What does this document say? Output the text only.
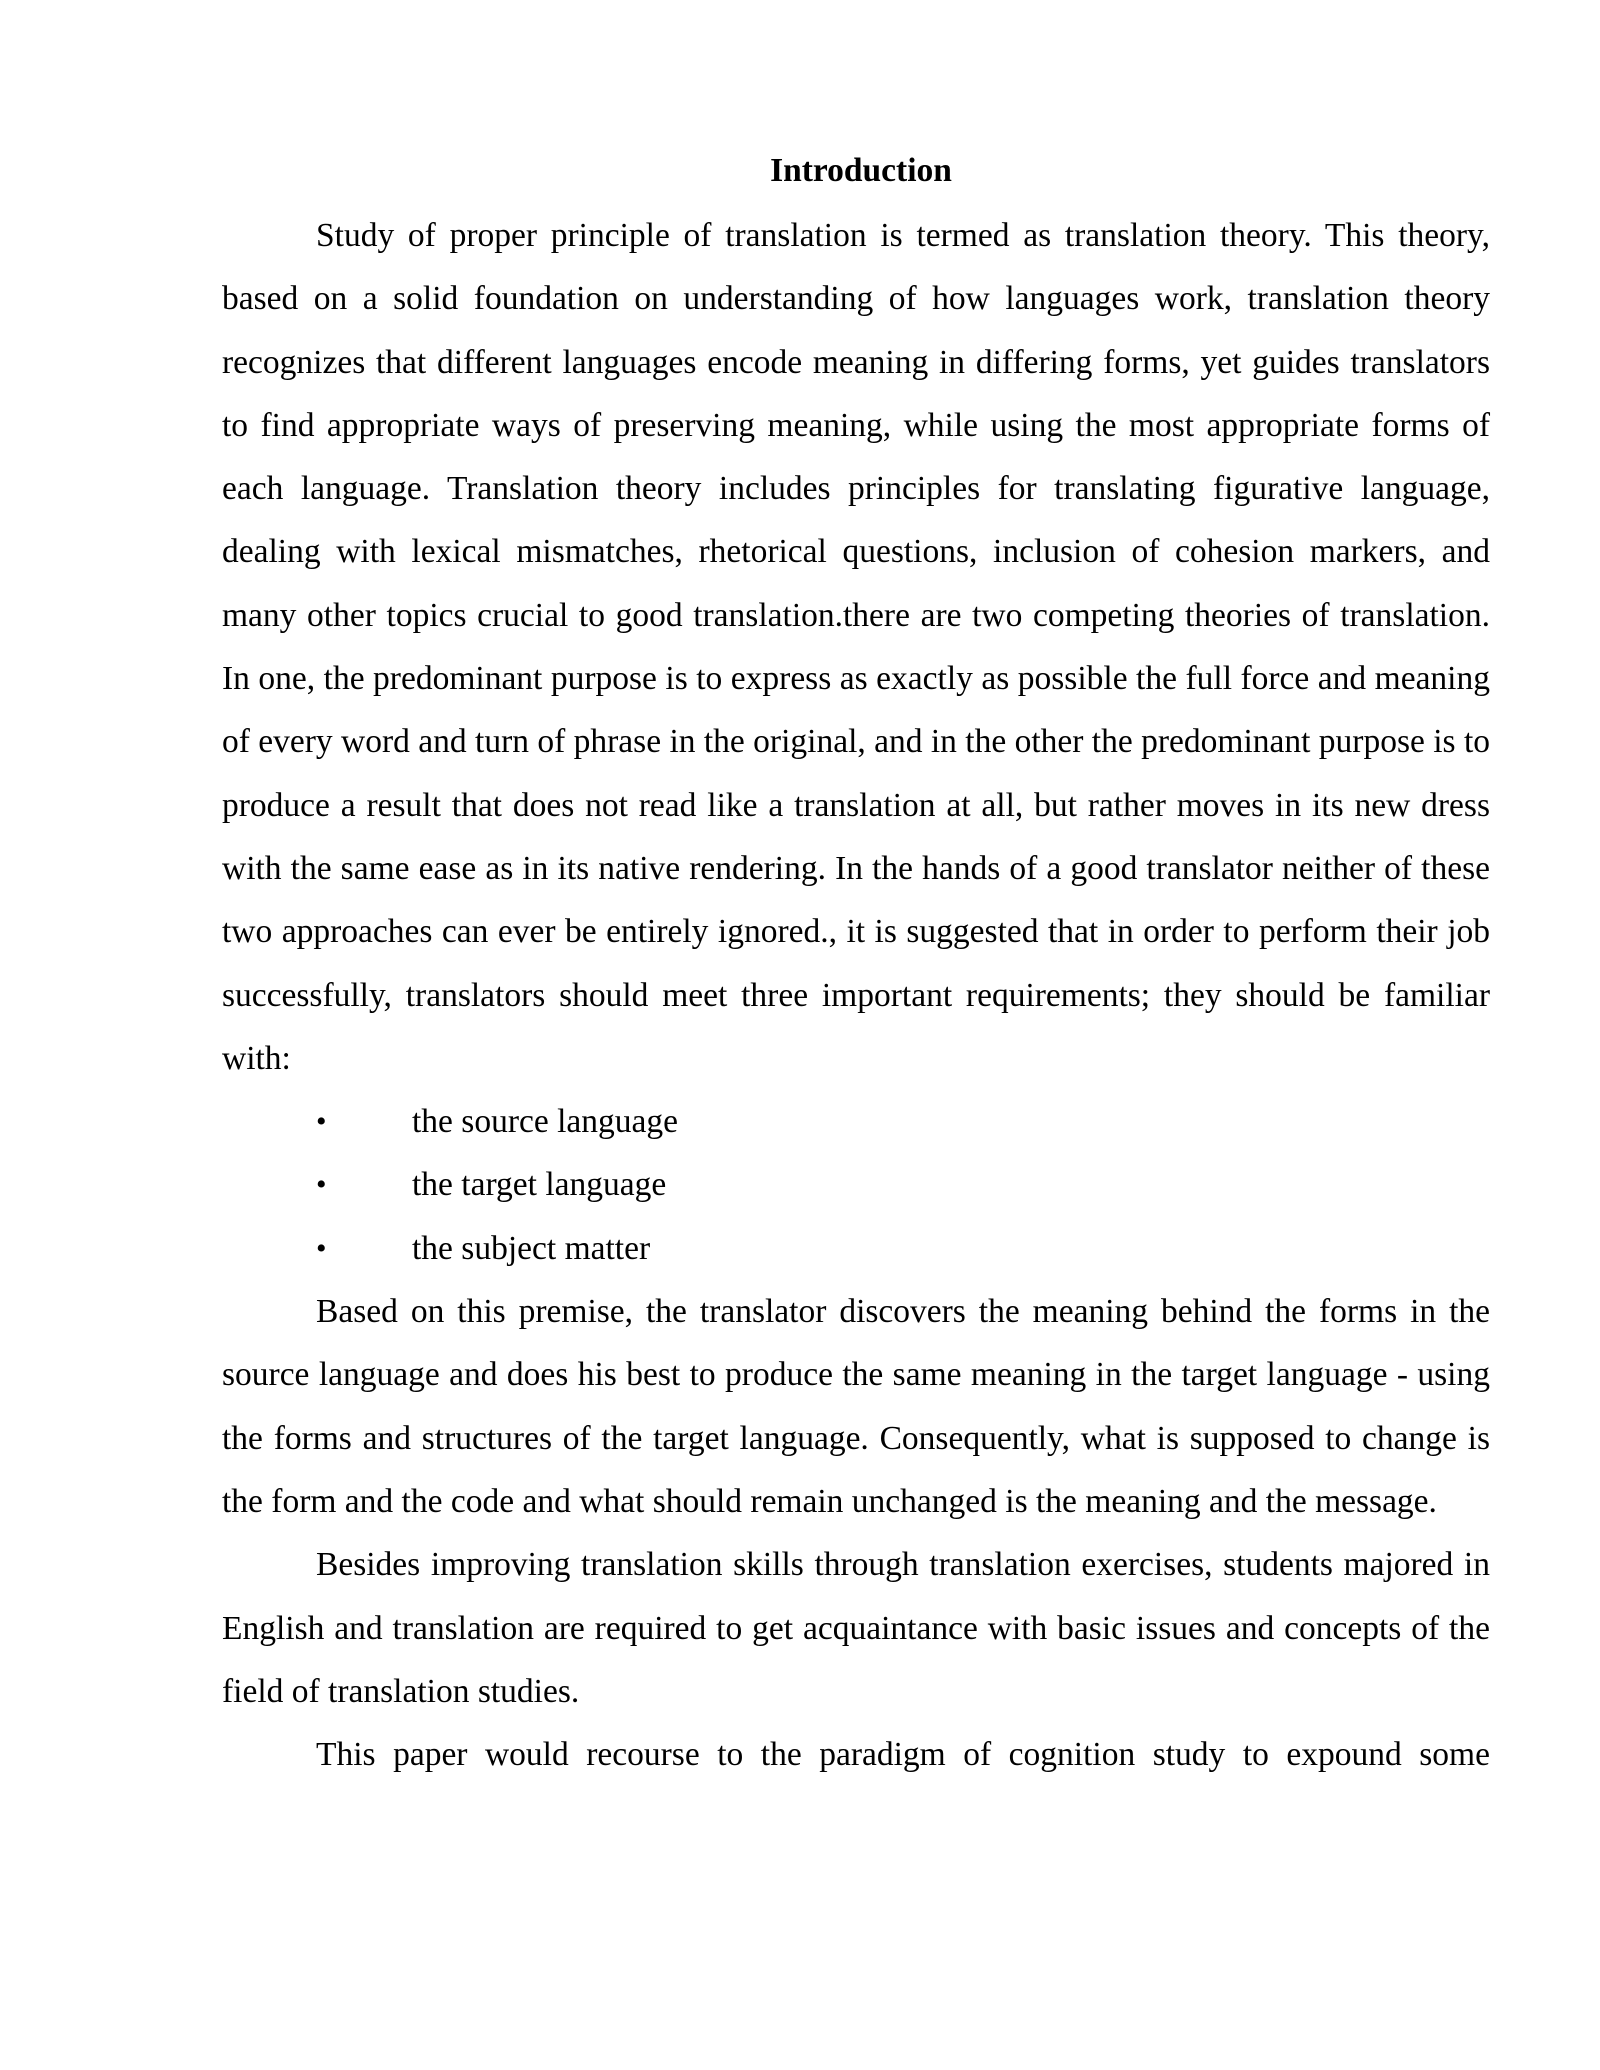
Introduction

Study of proper principle of translation is termed as translation theory. This theory, based on a solid foundation on understanding of how languages work, translation theory recognizes that different languages encode meaning in differing forms, yet guides translators to find appropriate ways of preserving meaning, while using the most appropriate forms of each language. Translation theory includes principles for translating figurative language, dealing with lexical mismatches, rhetorical questions, inclusion of cohesion markers, and many other topics crucial to good translation.there are two competing theories of translation. In one, the predominant purpose is to express as exactly as possible the full force and meaning of every word and turn of phrase in the original, and in the other the predominant purpose is to produce a result that does not read like a translation at all, but rather moves in its new dress with the same ease as in its native rendering. In the hands of a good translator neither of these two approaches can ever be entirely ignored., it is suggested that in order to perform their job successfully, translators should meet three important requirements; they should be familiar with:

•	the source language
•	the target language
•	the subject matter

Based on this premise, the translator discovers the meaning behind the forms in the source language and does his best to produce the same meaning in the target language - using the forms and structures of the target language. Consequently, what is supposed to change is the form and the code and what should remain unchanged is the meaning and the message.

Besides improving translation skills through translation exercises, students majored in English and translation are required to get acquaintance with basic issues and concepts of the field of translation studies.

This paper would recourse to the paradigm of cognition study to expound some
